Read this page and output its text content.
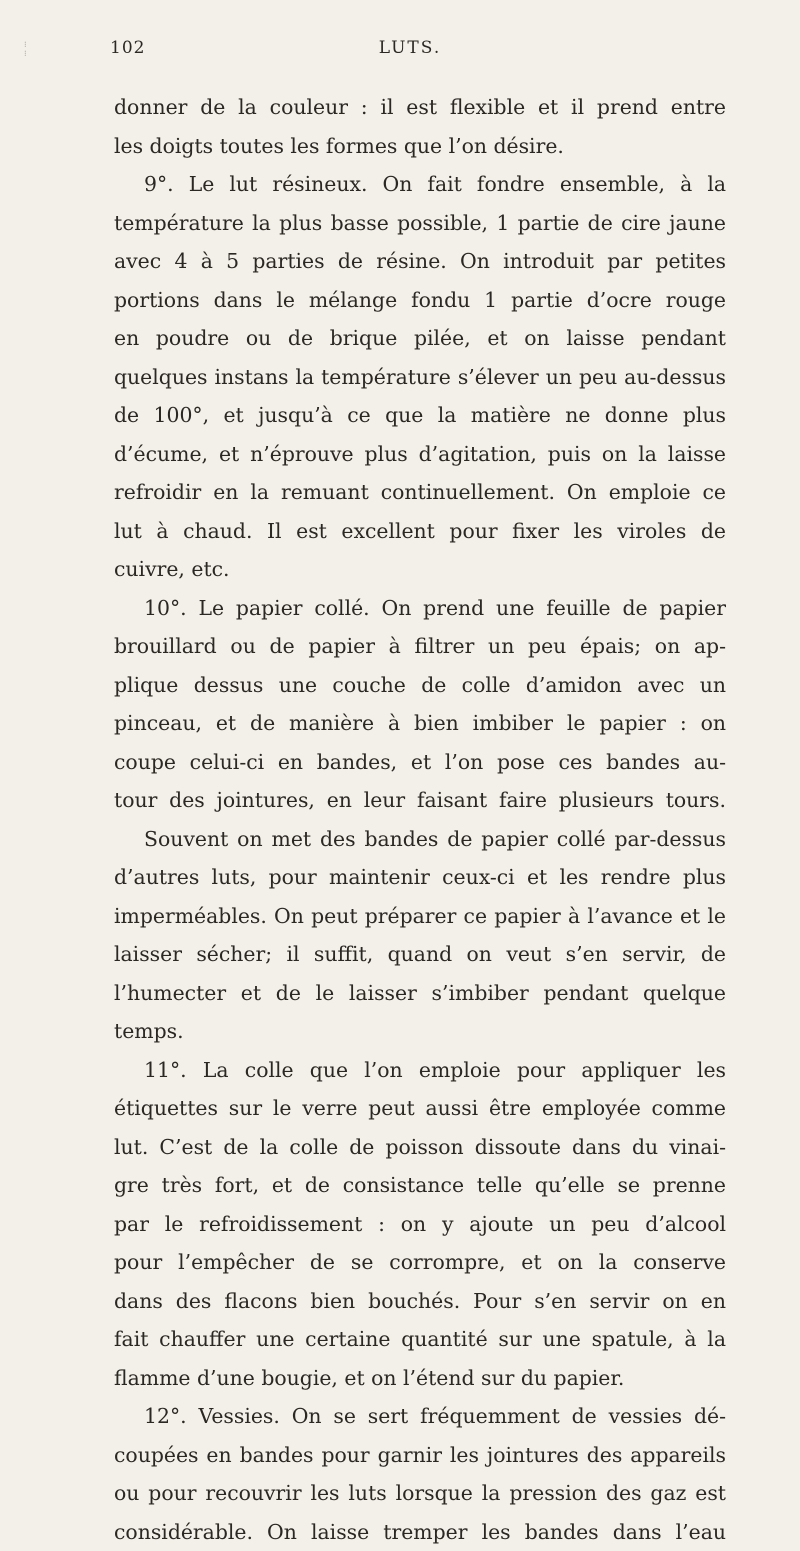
⁝
⁝	102	LUTS.
donner de la couleur : il est flexible et il prend entre
les doigts toutes les formes que l’on désire.
9°. Le lut résineux. On fait fondre ensemble, à la
température la plus basse possible, 1 partie de cire jaune
avec 4 à 5 parties de résine. On introduit par petites
portions dans le mélange fondu 1 partie d’ocre rouge
en poudre ou de brique pilée, et on laisse pendant
quelques instans la température s’élever un peu au-dessus
de 100°, et jusqu’à ce que la matière ne donne plus
d’écume, et n’éprouve plus d’agitation, puis on la laisse
refroidir en la remuant continuellement. On emploie ce
lut à chaud. Il est excellent pour fixer les viroles de
cuivre, etc.
10°. Le papier collé. On prend une feuille de papier
brouillard ou de papier à filtrer un peu épais; on ap-
plique dessus une couche de colle d’amidon avec un
pinceau, et de manière à bien imbiber le papier : on
coupe celui-ci en bandes, et l’on pose ces bandes au-
tour des jointures, en leur faisant faire plusieurs tours.
Souvent on met des bandes de papier collé par-dessus
d’autres luts, pour maintenir ceux-ci et les rendre plus
imperméables. On peut préparer ce papier à l’avance et le
laisser sécher; il suffit, quand on veut s’en servir, de
l’humecter et de le laisser s’imbiber pendant quelque
temps.
11°. La colle que l’on emploie pour appliquer les
étiquettes sur le verre peut aussi être employée comme
lut. C’est de la colle de poisson dissoute dans du vinai-
gre très fort, et de consistance telle qu’elle se prenne
par le refroidissement : on y ajoute un peu d’alcool
pour l’empêcher de se corrompre, et on la conserve
dans des flacons bien bouchés. Pour s’en servir on en
fait chauffer une certaine quantité sur une spatule, à la
flamme d’une bougie, et on l’étend sur du papier.
12°. Vessies. On se sert fréquemment de vessies dé-
coupées en bandes pour garnir les jointures des appareils
ou pour recouvrir les luts lorsque la pression des gaz est
considérable. On laisse tremper les bandes dans l’eau
